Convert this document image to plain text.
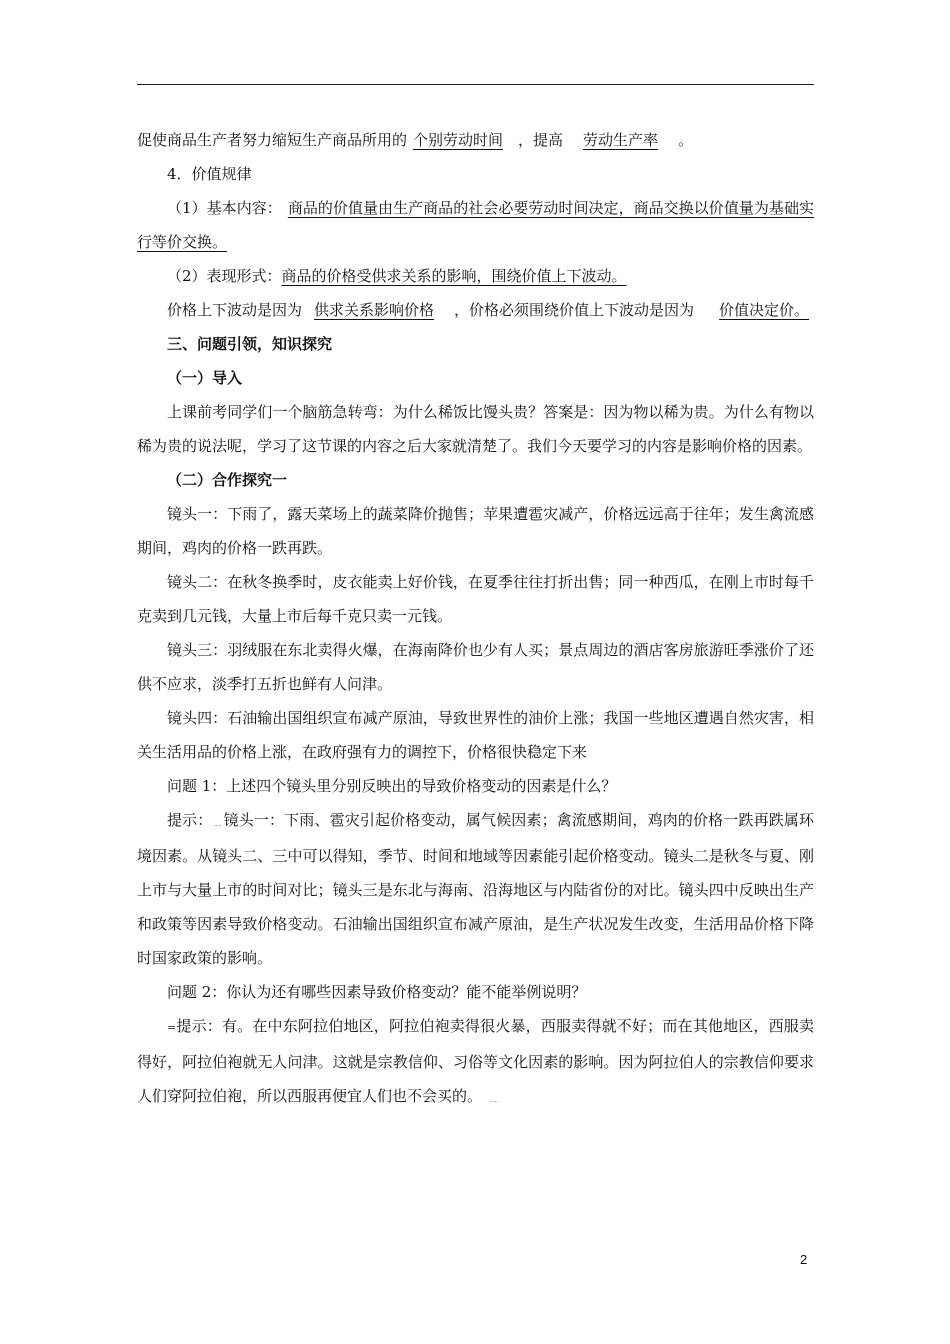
促使商品生产者努力缩短生产商品所用的 个别劳动时间 ，提高 劳动生产率 。

4．价值规律

（1）基本内容： 商品的价值量由生产商品的社会必要劳动时间决定，商品交换以价值量为基础实行等价交换。

（2）表现形式：商品的价格受供求关系的影响，围绕价值上下波动。

价格上下波动是因为 供求关系影响价格 ，价格必须围绕价值上下波动是因为 价值决定价。

三、问题引领，知识探究

（一）导入

上课前考同学们一个脑筋急转弯：为什么稀饭比馒头贵？答案是：因为物以稀为贵。为什么有物以稀为贵的说法呢，学习了这节课的内容之后大家就清楚了。我们今天要学习的内容是影响价格的因素。

（二）合作探究一

镜头一：下雨了，露天菜场上的蔬菜降价抛售；苹果遭雹灾减产，价格远远高于往年；发生禽流感期间，鸡肉的价格一跌再跌。

镜头二：在秋冬换季时，皮衣能卖上好价钱，在夏季往往打折出售；同一种西瓜，在刚上市时每千克卖到几元钱，大量上市后每千克只卖一元钱。

镜头三：羽绒服在东北卖得火爆，在海南降价也少有人买；景点周边的酒店客房旅游旺季涨价了还供不应求，淡季打五折也鲜有人问津。

镜头四：石油输出国组织宣布减产原油，导致世界性的油价上涨；我国一些地区遭遇自然灾害，相关生活用品的价格上涨，在政府强有力的调控下，价格很快稳定下来

问题 1：上述四个镜头里分别反映出的导致价格变动的因素是什么？

提示：﹎镜头一：下雨、雹灾引起价格变动，属气候因素；禽流感期间，鸡肉的价格一跌再跌属环境因素。从镜头二、三中可以得知，季节、时间和地域等因素能引起价格变动。镜头二是秋冬与夏、刚上市与大量上市的时间对比；镜头三是东北与海南、沿海地区与内陆省份的对比。镜头四中反映出生产和政策等因素导致价格变动。石油输出国组织宣布减产原油，是生产状况发生改变，生活用品价格下降时国家政策的影响。

问题 2：你认为还有哪些因素导致价格变动？能不能举例说明？

=提示：有。在中东阿拉伯地区，阿拉伯袍卖得很火暴，西服卖得就不好；而在其他地区，西服卖得好，阿拉伯袍就无人问津。这就是宗教信仰、习俗等文化因素的影响。因为阿拉伯人的宗教信仰要求人们穿阿拉伯袍，所以西服再便宜人们也不会买的。 ﹎

2
